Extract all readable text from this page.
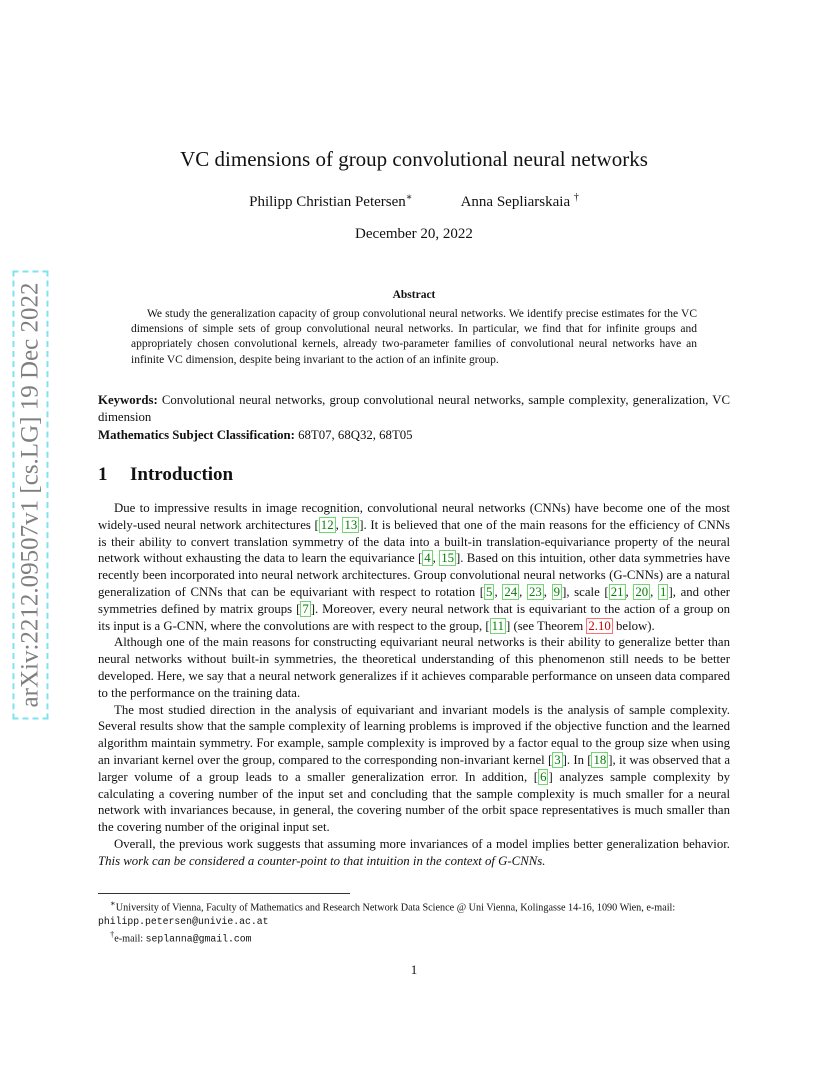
arXiv:2212.09507v1 [cs.LG] 19 Dec 2022
VC dimensions of group convolutional neural networks
Philipp Christian Petersen∗	Anna Sepliarskaia †
December 20, 2022
Abstract

We study the generalization capacity of group convolutional neural networks. We identify precise estimates for the VC dimensions of simple sets of group convolutional neural networks. In particular, we find that for infinite groups and appropriately chosen convolutional kernels, already two-parameter families of convolutional neural networks have an infinite VC dimension, despite being invariant to the action of an infinite group.

Keywords: Convolutional neural networks, group convolutional neural networks, sample complexity, generalization, VC dimension

Mathematics Subject Classification: 68T07, 68Q32, 68T05

1 Introduction

Due to impressive results in image recognition, convolutional neural networks (CNNs) have become one of the most widely-used neural network architectures [ 12 , 13 ]. It is believed that one of the main reasons for the efficiency of CNNs is their ability to convert translation symmetry of the data into a built-in translation-equivariance property of the neural network without exhausting the data to learn the equivariance [ 4 , 15 ]. Based on this intuition, other data symmetries have recently been incorporated into neural network architectures. Group convolutional neural networks (G-CNNs) are a natural generalization of CNNs that can be equivariant with respect to rotation [ 5 , 24 , 23 , 9 ], scale [ 21 , 20 , 1 ], and other symmetries defined by matrix groups [ 7 ]. Moreover, every neural network that is equivariant to the action of a group on its input is a G-CNN, where the convolutions are with respect to the group, [ 11 ] (see Theorem 2.10 below).

Although one of the main reasons for constructing equivariant neural networks is their ability to generalize better than neural networks without built-in symmetries, the theoretical understanding of this phenomenon still needs to be better developed. Here, we say that a neural network generalizes if it achieves comparable performance on unseen data compared to the performance on the training data.

The most studied direction in the analysis of equivariant and invariant models is the analysis of sample complexity. Several results show that the sample complexity of learning problems is improved if the objective function and the learned algorithm maintain symmetry. For example, sample complexity is improved by a factor equal to the group size when using an invariant kernel over the group, compared to the corresponding non-invariant kernel [ 3 ]. In [ 18 ], it was observed that a larger volume of a group leads to a smaller generalization error. In addition, [ 6 ] analyzes sample complexity by calculating a covering number of the input set and concluding that the sample complexity is much smaller for a neural network with invariances because, in general, the covering number of the orbit space representatives is much smaller than the covering number of the original input set.

Overall, the previous work suggests that assuming more invariances of a model implies better generalization behavior. This work can be considered a counter-point to that intuition in the context of G-CNNs.

∗University of Vienna, Faculty of Mathematics and Research Network Data Science @ Uni Vienna, Kolingasse 14-16, 1090 Wien, e-mail: philipp.petersen@univie.ac.at

†e-mail: seplanna@gmail.com

1
